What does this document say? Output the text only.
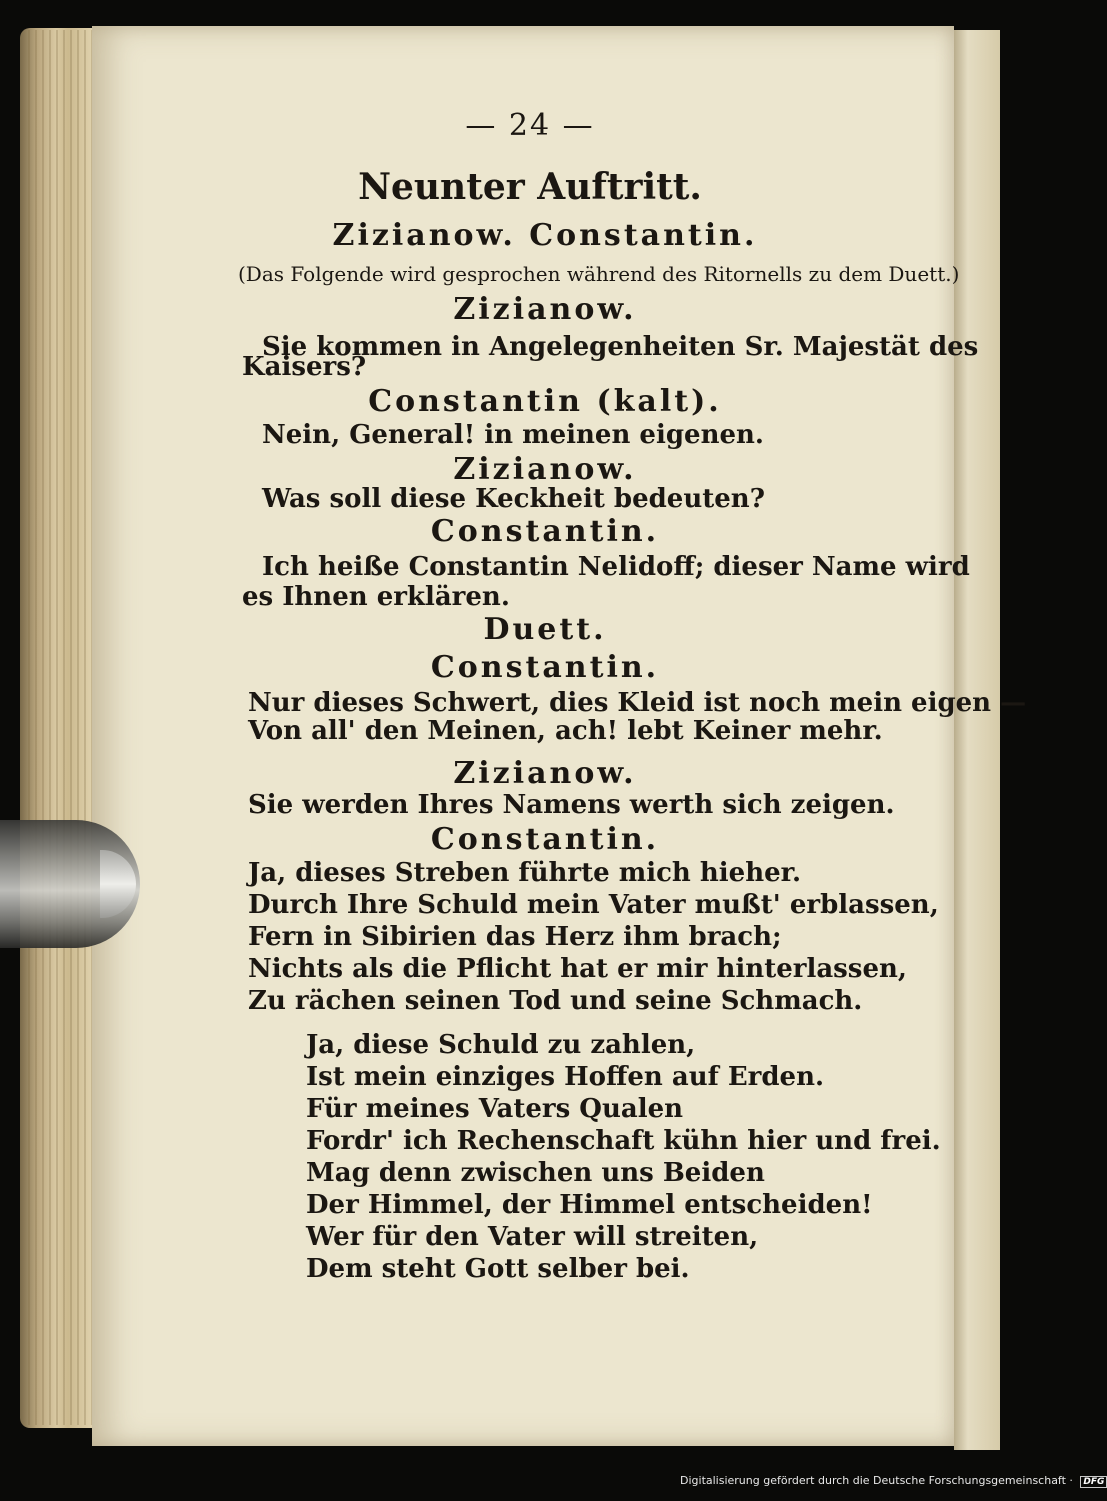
— 24 —
Neunter Auftritt.
Zizianow. Constantin.
(Das Folgende wird gesprochen während des Ritornells zu dem Duett.)
Zizianow.
Sie kommen in Angelegenheiten Sr. Majestät des
Kaisers?
Constantin (kalt).
Nein, General! in meinen eigenen.
Zizianow.
Was soll diese Keckheit bedeuten?
Constantin.
Ich heiße Constantin Nelidoff; dieser Name wird
es Ihnen erklären.
Duett.
Constantin.
Nur dieses Schwert, dies Kleid ist noch mein eigen —
Von all' den Meinen, ach! lebt Keiner mehr.
Zizianow.
Sie werden Ihres Namens werth sich zeigen.
Constantin.
Ja, dieses Streben führte mich hieher.
Durch Ihre Schuld mein Vater mußt' erblassen,
Fern in Sibirien das Herz ihm brach;
Nichts als die Pflicht hat er mir hinterlassen,
Zu rächen seinen Tod und seine Schmach.
Ja, diese Schuld zu zahlen,
Ist mein einziges Hoffen auf Erden.
Für meines Vaters Qualen
Fordr' ich Rechenschaft kühn hier und frei.
Mag denn zwischen uns Beiden
Der Himmel, der Himmel entscheiden!
Wer für den Vater will streiten,
Dem steht Gott selber bei.
Digitalisierung gefördert durch die Deutsche Forschungsgemeinschaft · DFG
